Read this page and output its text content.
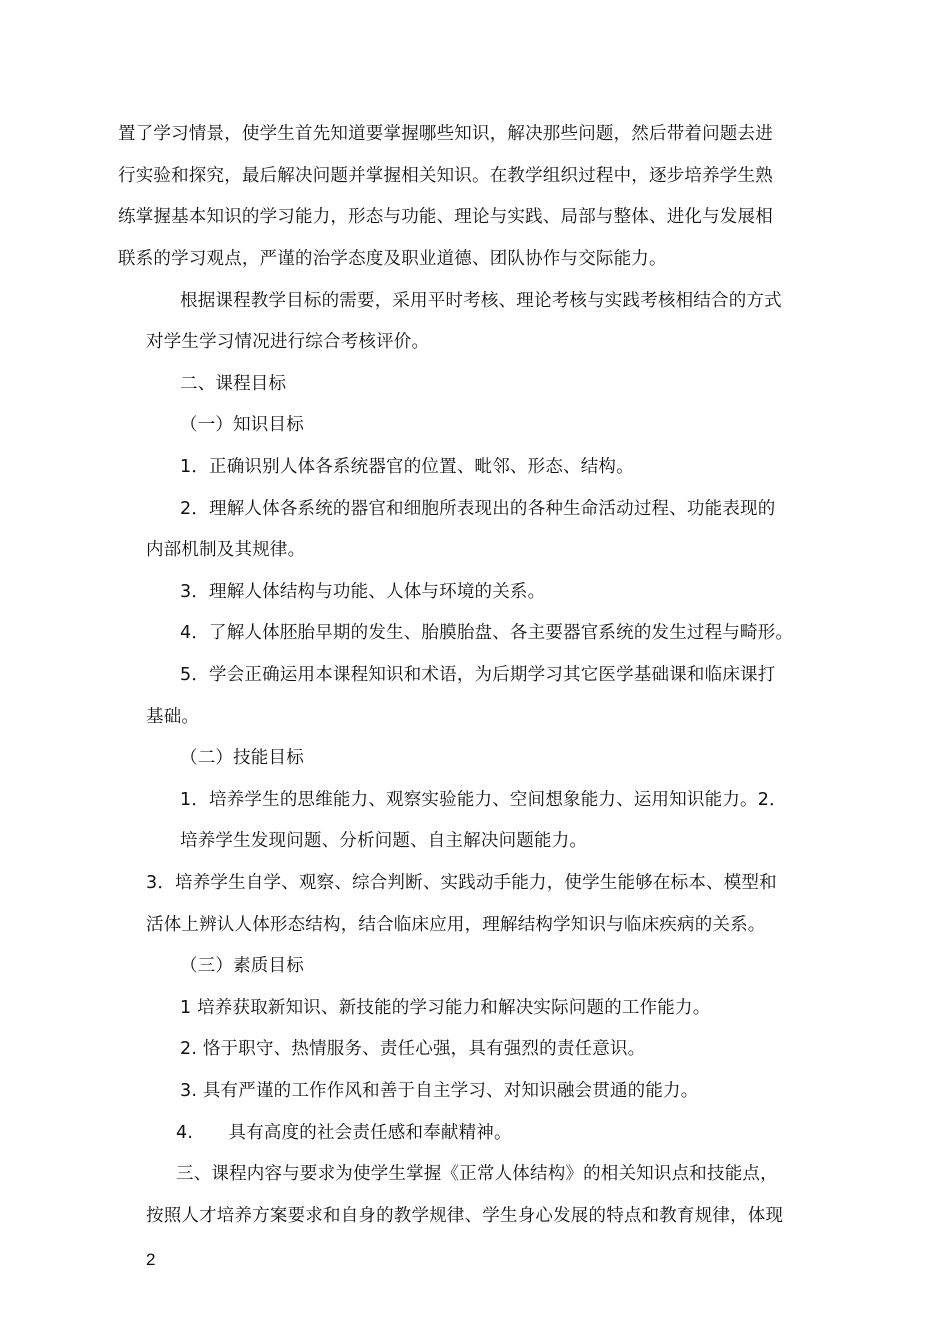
置了学习情景，使学生首先知道要掌握哪些知识，解决那些问题，然后带着问题去进
行实验和探究，最后解决问题并掌握相关知识。在教学组织过程中，逐步培养学生熟
练掌握基本知识的学习能力，形态与功能、理论与实践、局部与整体、进化与发展相
联系的学习观点，严谨的治学态度及职业道德、团队协作与交际能力。
根据课程教学目标的需要，采用平时考核、理论考核与实践考核相结合的方式
对学生学习情况进行综合考核评价。
二、课程目标
（一）知识目标
1．正确识别人体各系统器官的位置、毗邻、形态、结构。
2．理解人体各系统的器官和细胞所表现出的各种生命活动过程、功能表现的
内部机制及其规律。
3．理解人体结构与功能、人体与环境的关系。
4．了解人体胚胎早期的发生、胎膜胎盘、各主要器官系统的发生过程与畸形。
5．学会正确运用本课程知识和术语，为后期学习其它医学基础课和临床课打
基础。
（二）技能目标
1．培养学生的思维能力、观察实验能力、空间想象能力、运用知识能力。2．
培养学生发现问题、分析问题、自主解决问题能力。
3．培养学生自学、观察、综合判断、实践动手能力，使学生能够在标本、模型和
活体上辨认人体形态结构，结合临床应用，理解结构学知识与临床疾病的关系。
（三）素质目标
1 培养获取新知识、新技能的学习能力和解决实际问题的工作能力。
2. 恪于职守、热情服务、责任心强，具有强烈的责任意识。
3. 具有严谨的工作作风和善于自主学习、对知识融会贯通的能力。
4.　　具有高度的社会责任感和奉献精神。
三、课程内容与要求为使学生掌握《正常人体结构》的相关知识点和技能点，
按照人才培养方案要求和自身的教学规律、学生身心发展的特点和教育规律，体现
2
